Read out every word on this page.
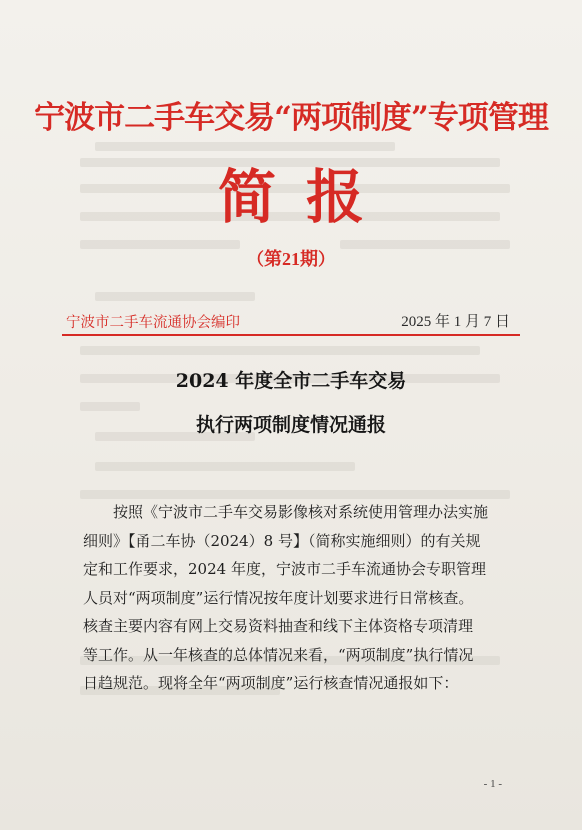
宁波市二手车交易“两项制度”专项管理
简报
（第21期）
宁波市二手车流通协会编印	2025 年 1 月 7 日
2024 年度全市二手车交易
执行两项制度情况通报
按照《宁波市二手车交易影像核对系统使用管理办法实施
细则》【甬二车协（2024）8 号】（简称实施细则）的有关规
定和工作要求，2024 年度，宁波市二手车流通协会专职管理
人员对“两项制度”运行情况按年度计划要求进行日常核查。
核查主要内容有网上交易资料抽查和线下主体资格专项清理
等工作。从一年核查的总体情况来看，“两项制度”执行情况
日趋规范。现将全年“两项制度”运行核查情况通报如下：
- 1 -
